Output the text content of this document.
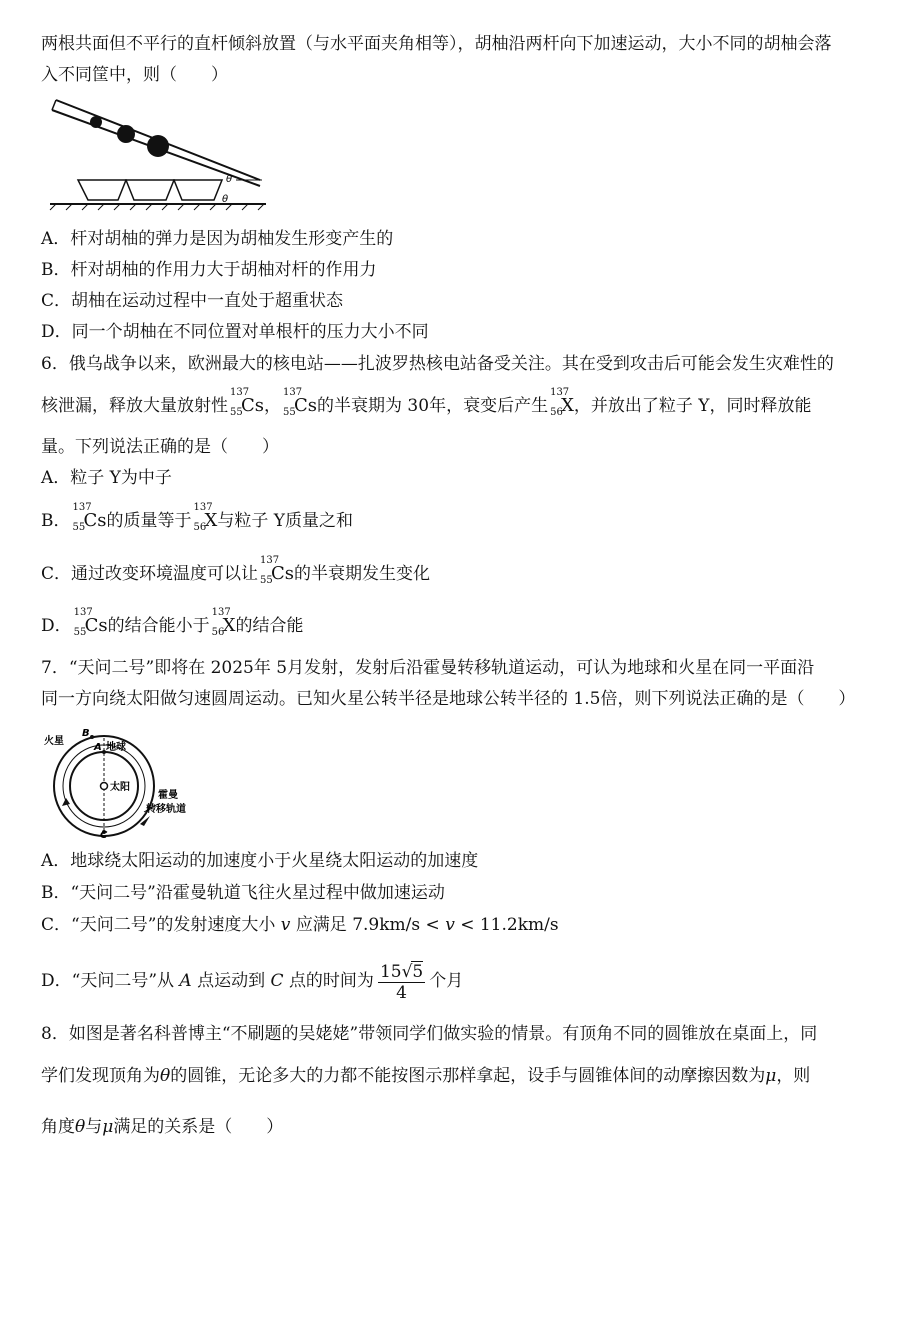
两根共面但不平行的直杆倾斜放置（与水平面夹角相等），胡柚沿两杆向下加速运动，大小不同的胡柚会落
入不同筐中，则（　　）
θ
θ
A．杆对胡柚的弹力是因为胡柚发生形变产生的
B．杆对胡柚的作用力大于胡柚对杆的作用力
C．胡柚在运动过程中一直处于超重状态
D．同一个胡柚在不同位置对单根杆的压力大小不同
6．俄乌战争以来，欧洲最大的核电站——扎波罗热核电站备受关注。其在受到攻击后可能会发生灾难性的
核泄漏，释放大量放射性
137
55
Cs，
137
55
Cs的半衰期为 30年，衰变后产生
137
56
X，并放出了粒子 Y，同时释放能
量。下列说法正确的是（　　）
A．粒子 Y为中子
B．
137
55
Cs的质量等于
137
56
X与粒子 Y质量之和
C．通过改变环境温度可以让
137
55
Cs的半衰期发生变化
D．
137
55
Cs的结合能小于
137
56
X的结合能
7．“天问二号”即将在 2025年 5月发射，发射后沿霍曼转移轨道运动，可认为地球和火星在同一平面沿
同一方向绕太阳做匀速圆周运动。已知火星公转半径是地球公转半径的 1.5倍，则下列说法正确的是（　　）
火星
B
A 地球
太阳
霍曼
转移轨道
C
A．地球绕太阳运动的加速度小于火星绕太阳运动的加速度
B．“天问二号”沿霍曼轨道飞往火星过程中做加速运动
C．“天问二号”的发射速度大小 v 应满足 7.9km/s < v < 11.2km/s
D．“天问二号”从 A 点运动到 C 点的时间为 $\frac{15√5}{4}$ 个月
8．如图是著名科普博主“不刷题的吴姥姥”带领同学们做实验的情景。有顶角不同的圆锥放在桌面上，同
学们发现顶角为θ的圆锥，无论多大的力都不能按图示那样拿起，设手与圆锥体间的动摩擦因数为μ，则
角度θ与μ满足的关系是（　　）
